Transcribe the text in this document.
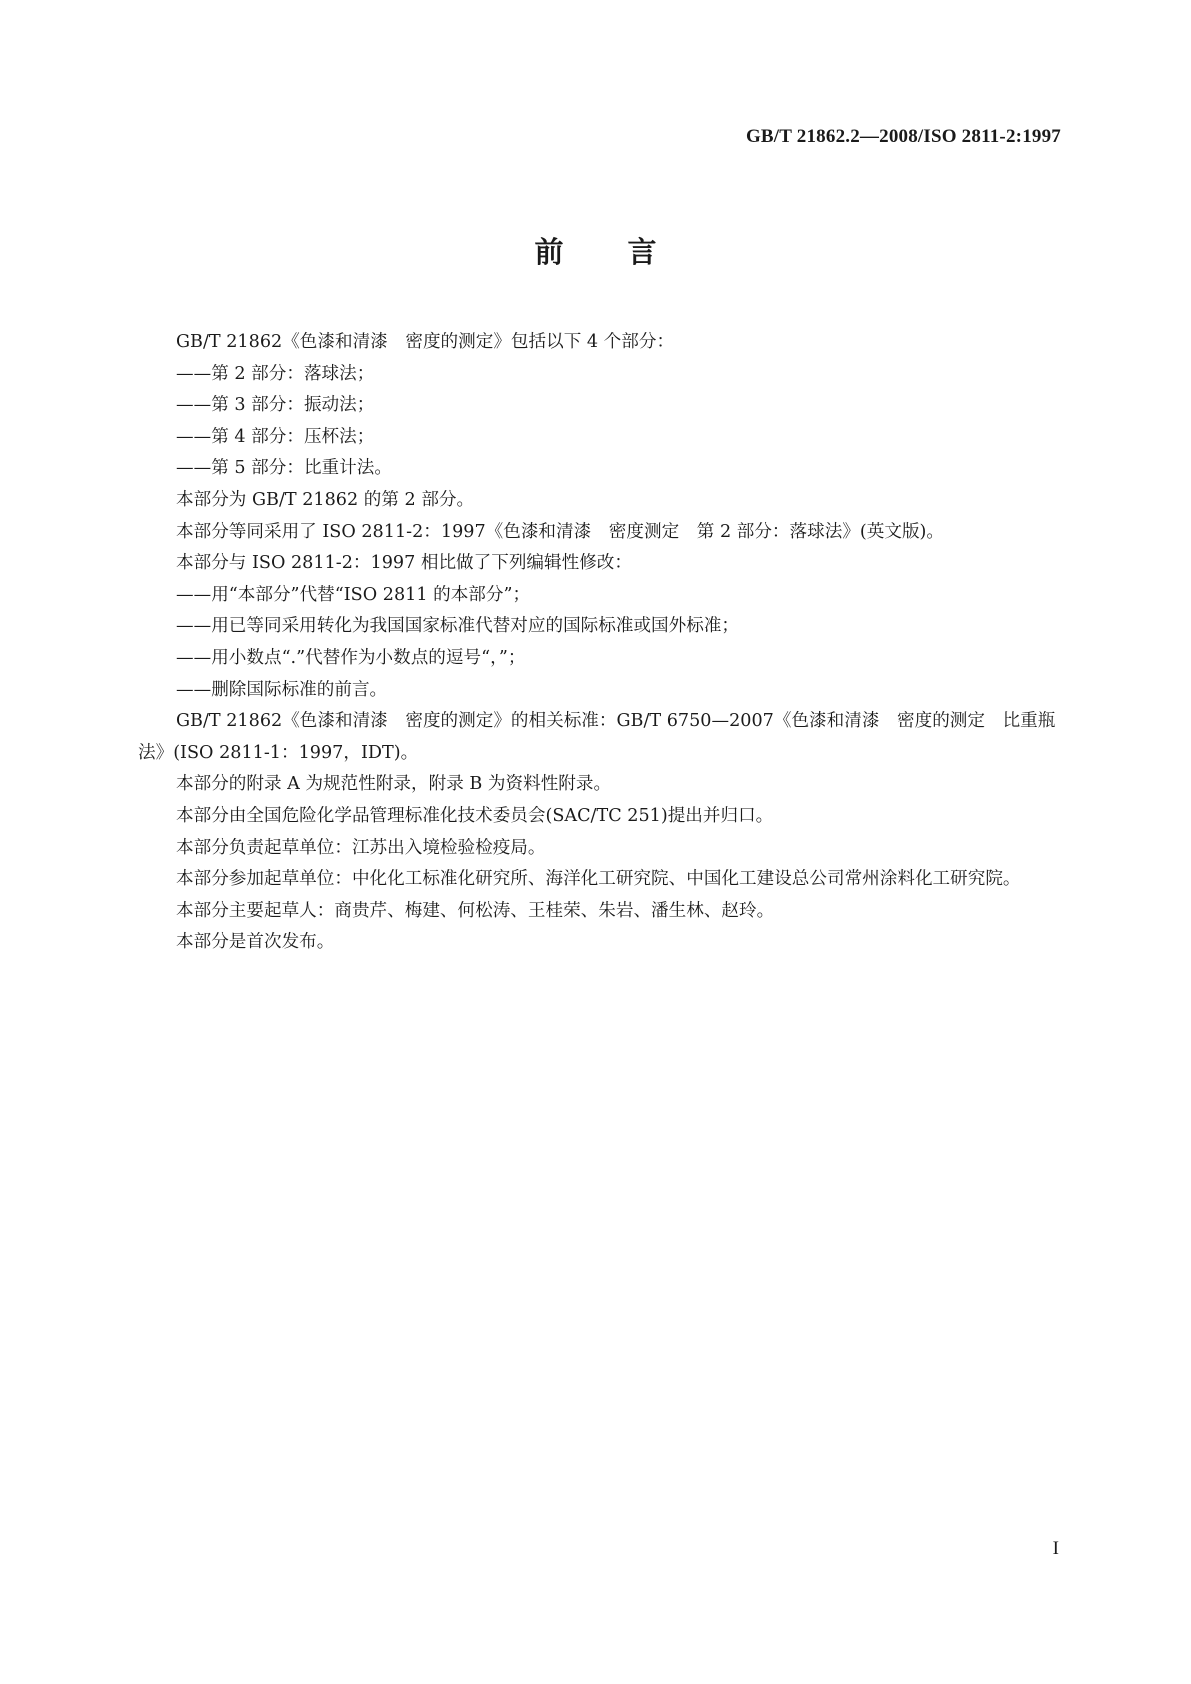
GB/T 21862.2—2008/ISO 2811-2:1997
前言

GB/T 21862《色漆和清漆　密度的测定》包括以下 4 个部分：

——第 2 部分：落球法；

——第 3 部分：振动法；

——第 4 部分：压杯法；

——第 5 部分：比重计法。

本部分为 GB/T 21862 的第 2 部分。

本部分等同采用了 ISO 2811-2：1997《色漆和清漆　密度测定　第 2 部分：落球法》(英文版)。

本部分与 ISO 2811-2：1997 相比做了下列编辑性修改：

——用“本部分”代替“ISO 2811 的本部分”；

——用已等同采用转化为我国国家标准代替对应的国际标准或国外标准；

——用小数点“.”代替作为小数点的逗号“，”；

——删除国际标准的前言。

GB/T 21862《色漆和清漆　密度的测定》的相关标准：GB/T 6750—2007《色漆和清漆　密度的测定　比重瓶法》(ISO 2811-1：1997，IDT)。

本部分的附录 A 为规范性附录，附录 B 为资料性附录。

本部分由全国危险化学品管理标准化技术委员会(SAC/TC 251)提出并归口。

本部分负责起草单位：江苏出入境检验检疫局。

本部分参加起草单位：中化化工标准化研究所、海洋化工研究院、中国化工建设总公司常州涂料化工研究院。

本部分主要起草人：商贵芹、梅建、何松涛、王桂荣、朱岩、潘生林、赵玲。

本部分是首次发布。

I
